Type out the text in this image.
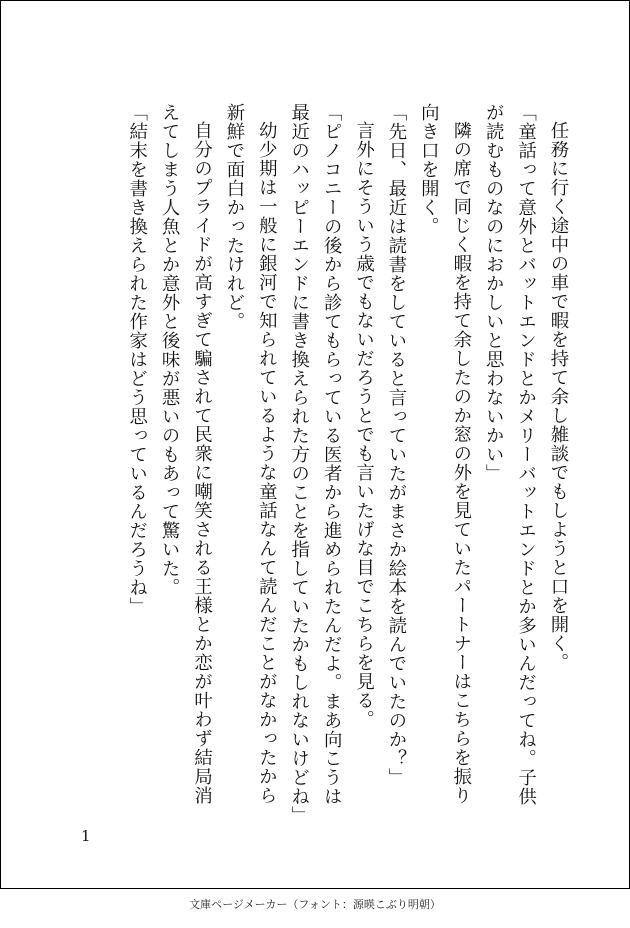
任務に行く途中の車で暇を持て余し雑談でもしようと口を開く。

「童話って意外とバットエンドとかメリーバットエンドとか多いんだってね。子供が読むものなのにおかしいと思わないかい」

隣の席で同じく暇を持て余したのか窓の外を見ていたパートナーはこちらを振り向き口を開く。

「先日、最近は読書をしていると言っていたがまさか絵本を読んでいたのか？」

言外にそういう歳でもないだろうとでも言いたげな目でこちらを見る。

「ピノコニーの後から診てもらっている医者から進められたんだよ。まあ向こうは最近のハッピーエンドに書き換えられた方のことを指していたかもしれないけどね」

幼少期は一般に銀河で知られているような童話なんて読んだことがなかったから新鮮で面白かったけれど。

自分のプライドが高すぎて騙されて民衆に嘲笑される王様とか恋が叶わず結局消えてしまう人魚とか意外と後味が悪いのもあって驚いた。

「結末を書き換えられた作家はどう思っているんだろうね」

1
文庫ページメーカー（フォント：源暎こぶり明朝）
